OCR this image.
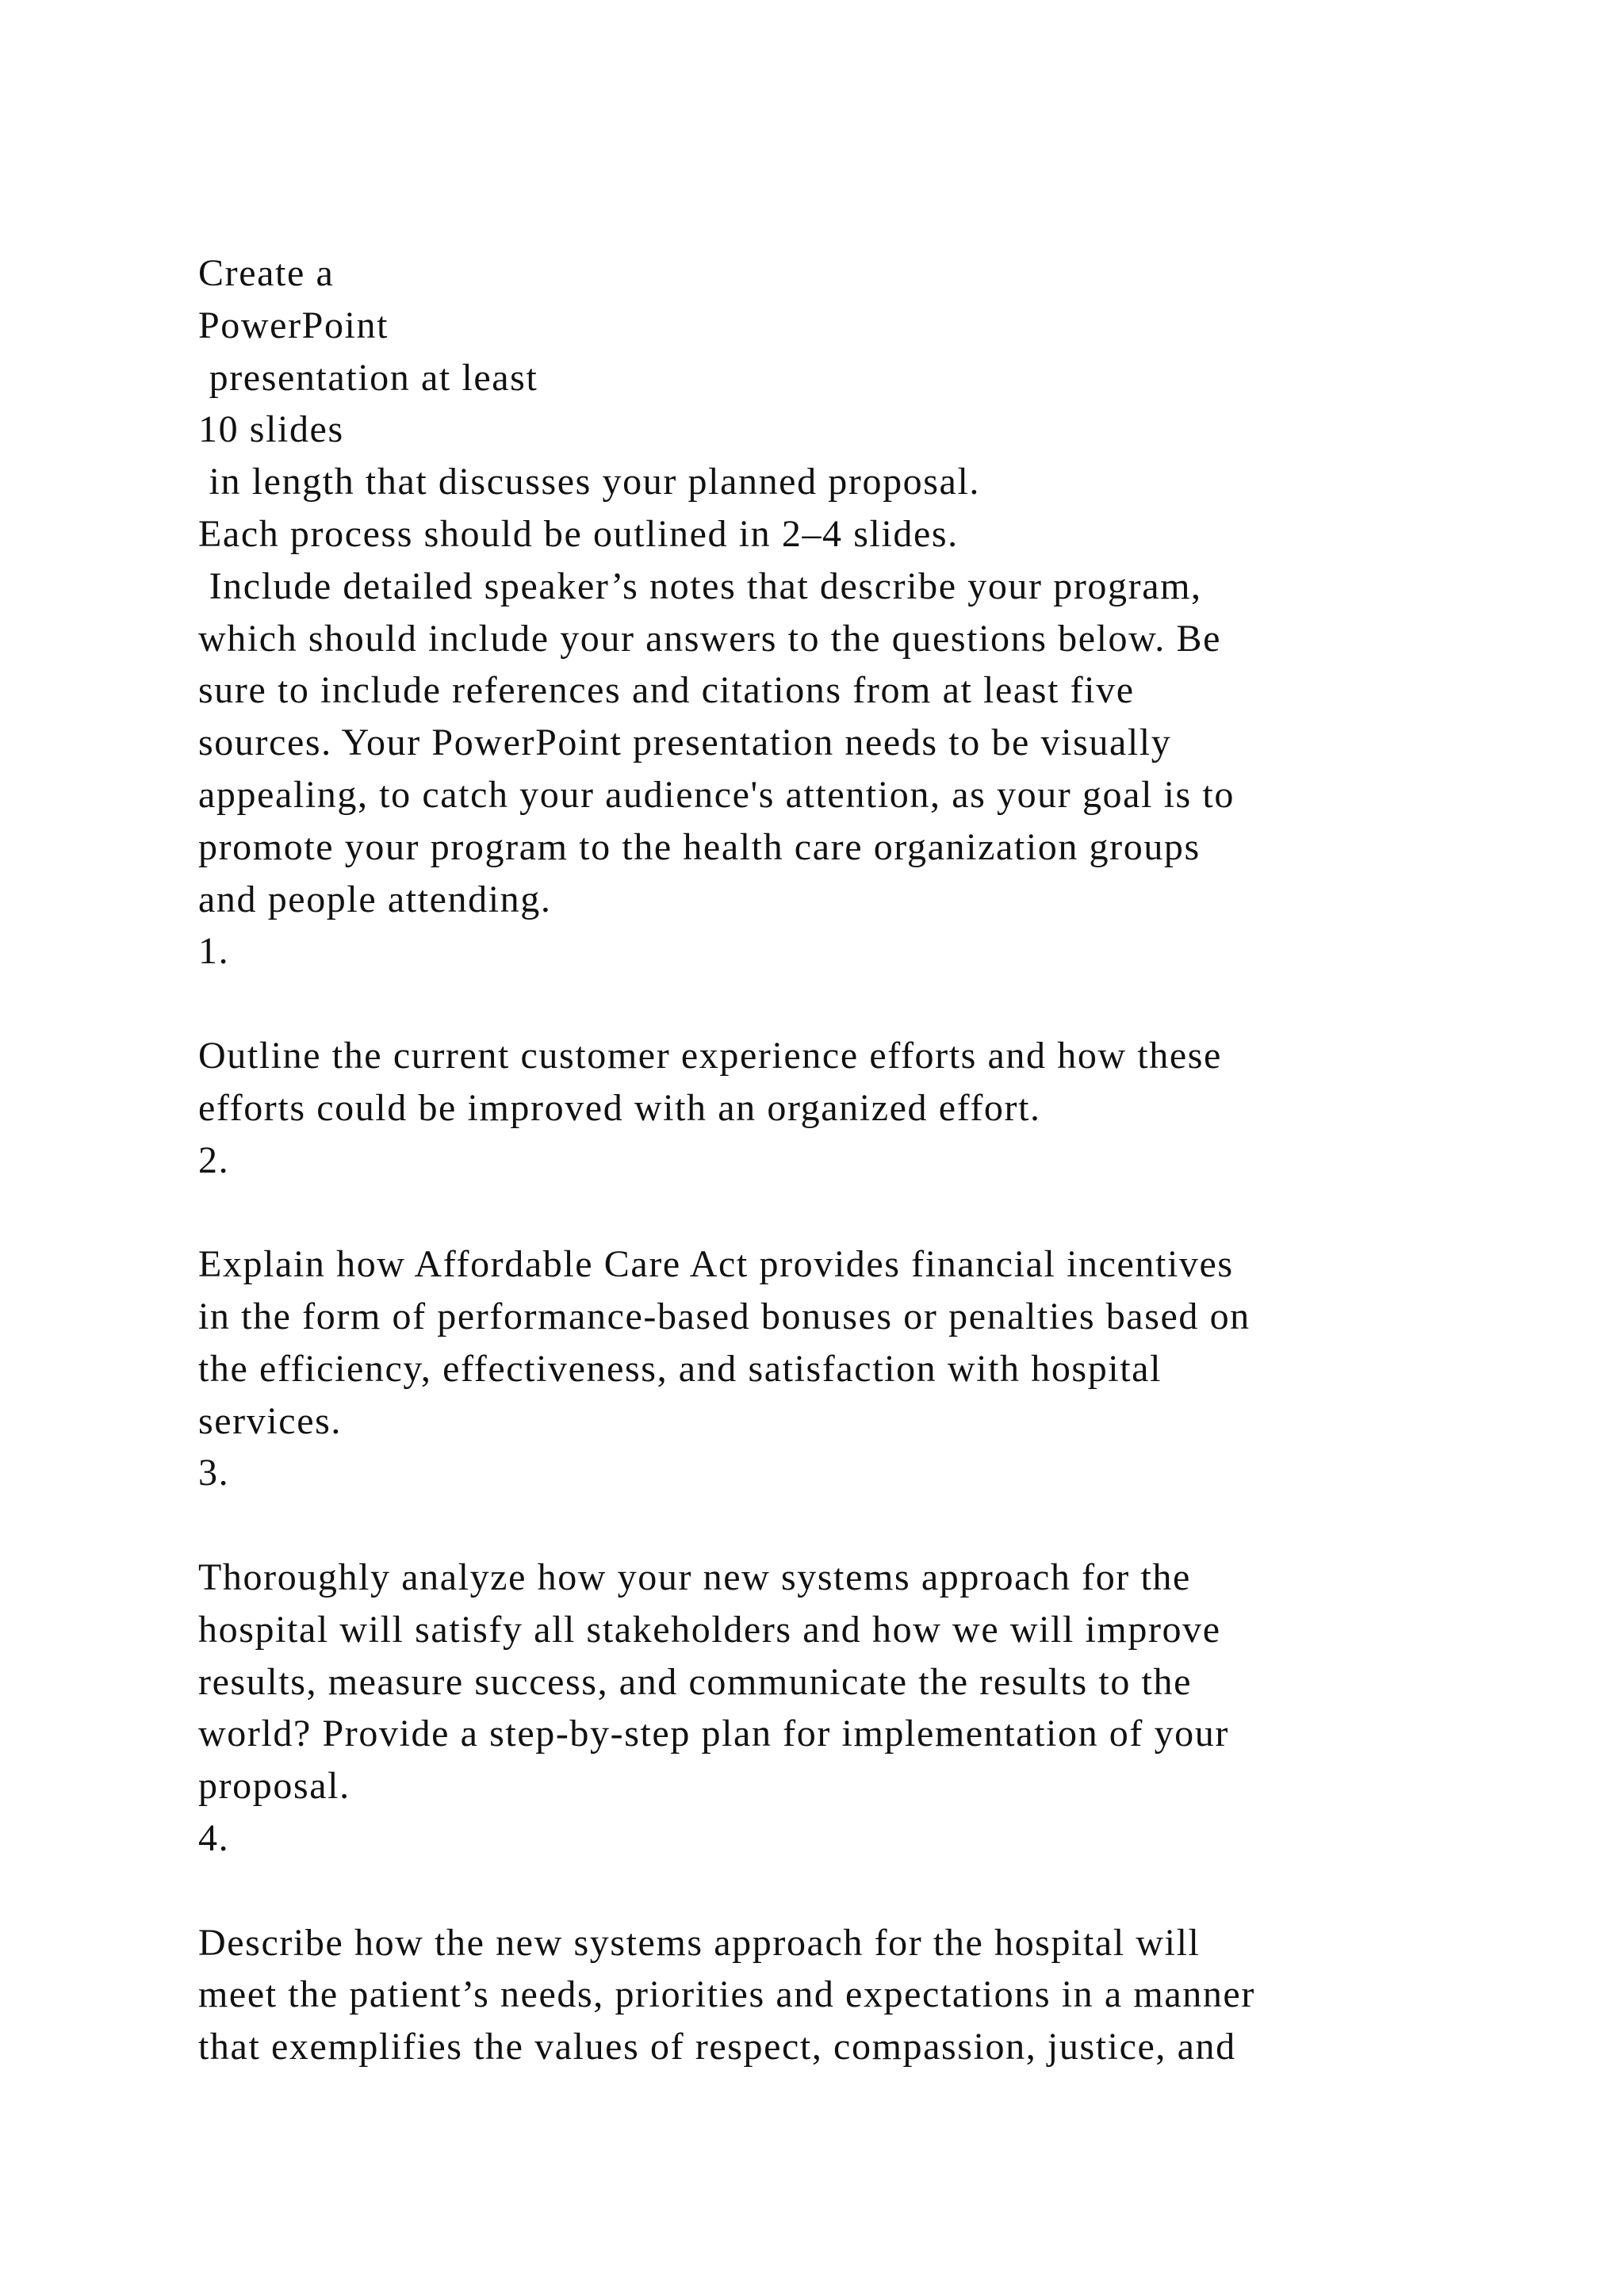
Create a
PowerPoint
presentation at least
10 slides
in length that discusses your planned proposal.
Each process should be outlined in 2–4 slides.
Include detailed speaker’s notes that describe your program,
which should include your answers to the questions below. Be
sure to include references and citations from at least five
sources. Your PowerPoint presentation needs to be visually
appealing, to catch your audience's attention, as your goal is to
promote your program to the health care organization groups
and people attending.
1.
Outline the current customer experience efforts and how these
efforts could be improved with an organized effort.
2.
Explain how Affordable Care Act provides financial incentives
in the form of performance-based bonuses or penalties based on
the efficiency, effectiveness, and satisfaction with hospital
services.
3.
Thoroughly analyze how your new systems approach for the
hospital will satisfy all stakeholders and how we will improve
results, measure success, and communicate the results to the
world? Provide a step-by-step plan for implementation of your
proposal.
4.
Describe how the new systems approach for the hospital will
meet the patient’s needs, priorities and expectations in a manner
that exemplifies the values of respect, compassion, justice, and
